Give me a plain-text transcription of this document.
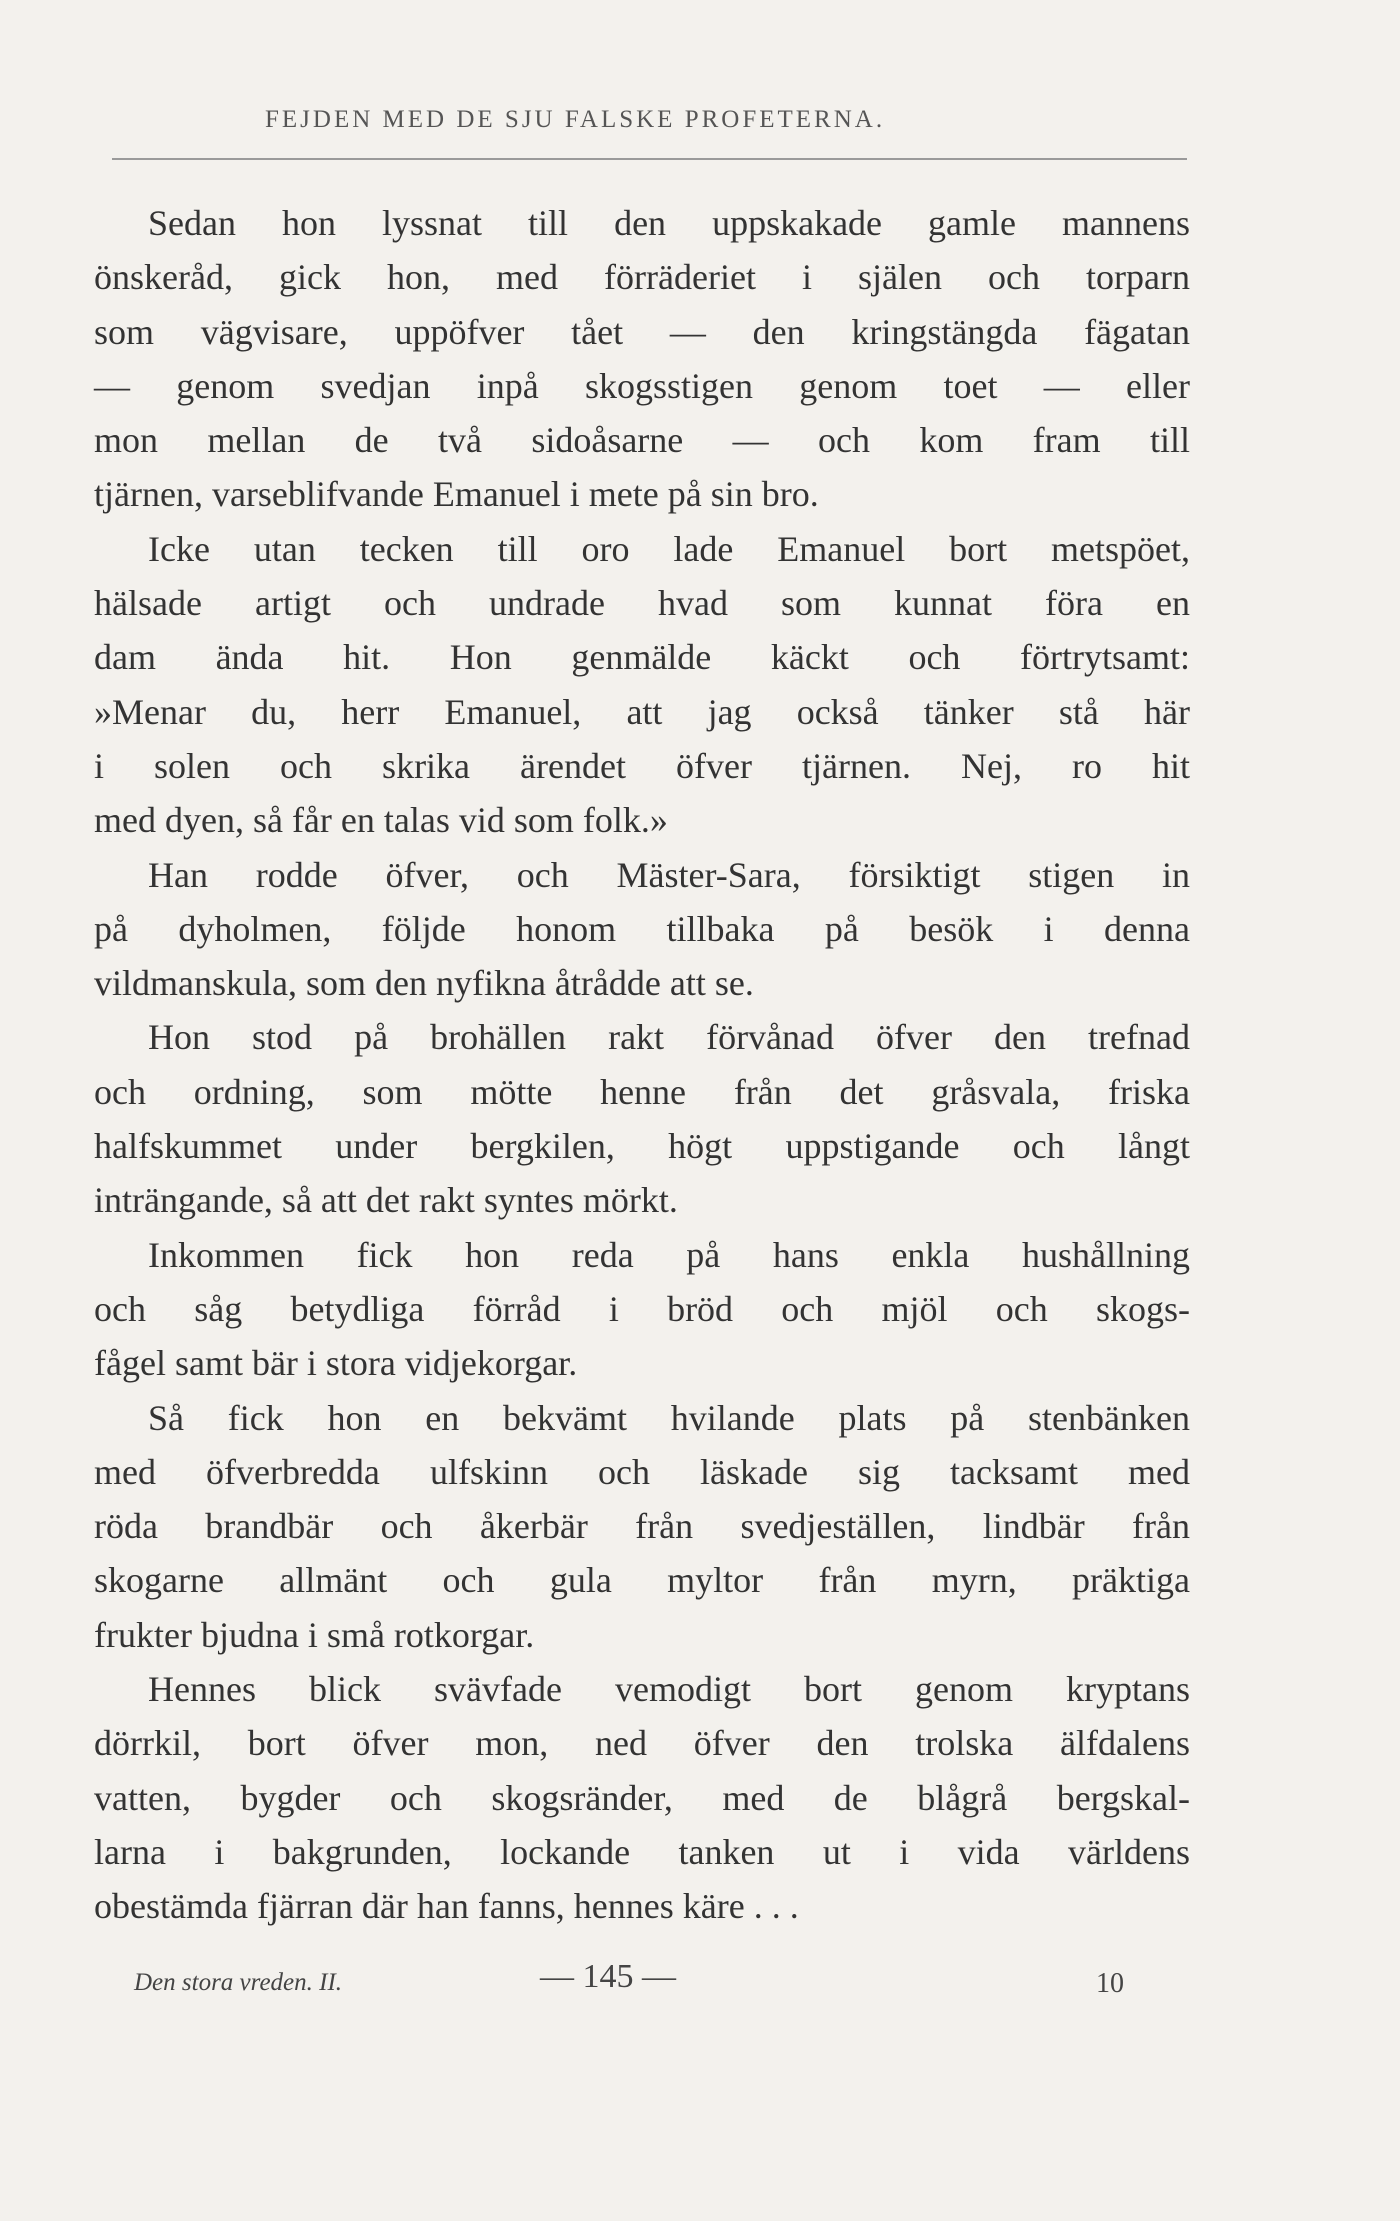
FEJDEN MED DE SJU FALSKE PROFETERNA.
Sedan hon lyssnat till den uppskakade gamle mannens
önskeråd, gick hon, med förräderiet i själen och torparn
som vägvisare, uppöfver tået — den kringstängda fägatan
— genom svedjan inpå skogsstigen genom toet — eller
mon mellan de två sidoåsarne — och kom fram till
tjärnen, varseblifvande Emanuel i mete på sin bro.
Icke utan tecken till oro lade Emanuel bort metspöet,
hälsade artigt och undrade hvad som kunnat föra en
dam ända hit. Hon genmälde käckt och förtrytsamt:
»Menar du, herr Emanuel, att jag också tänker stå här
i solen och skrika ärendet öfver tjärnen. Nej, ro hit
med dyen, så får en talas vid som folk.»
Han rodde öfver, och Mäster-Sara, försiktigt stigen in
på dyholmen, följde honom tillbaka på besök i denna
vildmanskula, som den nyfikna åtrådde att se.
Hon stod på brohällen rakt förvånad öfver den trefnad
och ordning, som mötte henne från det gråsvala, friska
halfskummet under bergkilen, högt uppstigande och långt
inträngande, så att det rakt syntes mörkt.
Inkommen fick hon reda på hans enkla hushållning
och såg betydliga förråd i bröd och mjöl och skogs-
fågel samt bär i stora vidjekorgar.
Så fick hon en bekvämt hvilande plats på stenbänken
med öfverbredda ulfskinn och läskade sig tacksamt med
röda brandbär och åkerbär från svedjeställen, lindbär från
skogarne allmänt och gula myltor från myrn, präktiga
frukter bjudna i små rotkorgar.
Hennes blick svävfade vemodigt bort genom kryptans
dörrkil, bort öfver mon, ned öfver den trolska älfdalens
vatten, bygder och skogsränder, med de blågrå bergskal-
larna i bakgrunden, lockande tanken ut i vida världens
obestämda fjärran där han fanns, hennes käre . . .
Den stora vreden. II.	— 145 —	10
